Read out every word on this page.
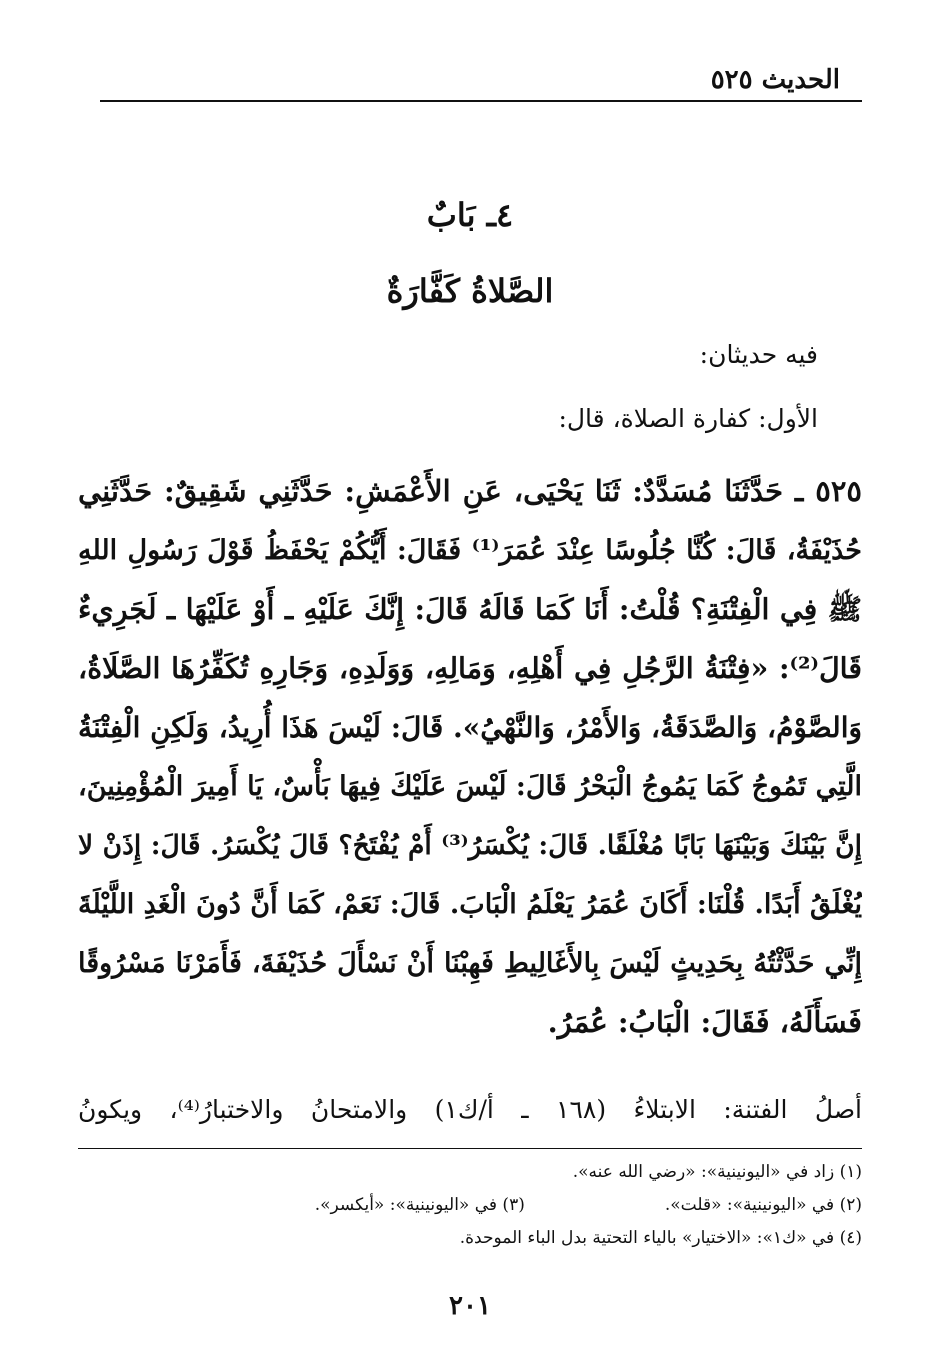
الحديث ٥٢٥
٤ـ بَابٌ
الصَّلاةُ كَفَّارَةٌ
فيه حديثان:
الأول: كفارة الصلاة، قال:
٥٢٥ ـ حَدَّثَنَا مُسَدَّدٌ: ثَنَا يَحْيَى، عَنِ الأَعْمَشِ: حَدَّثَنِي شَقِيقٌ: حَدَّثَنِي
حُذَيْفَةُ، قَالَ: كُنَّا جُلُوسًا عِنْدَ عُمَرَ⁽¹⁾ فَقَالَ: أَيُّكُمْ يَحْفَظُ قَوْلَ رَسُولِ اللهِ
ﷺ فِي الْفِتْنَةِ؟ قُلْتُ: أَنَا كَمَا قَالَهُ قَالَ: إِنَّكَ عَلَيْهِ ـ أَوْ عَلَيْهَا ـ لَجَرِيءٌ
قَالَ⁽²⁾: «فِتْنَةُ الرَّجُلِ فِي أَهْلِهِ، وَمَالِهِ، وَوَلَدِهِ، وَجَارِهِ تُكَفِّرُهَا الصَّلَاةُ،
وَالصَّوْمُ، وَالصَّدَقَةُ، وَالأَمْرُ، وَالنَّهْيُ». قَالَ: لَيْسَ هَذَا أُرِيدُ، وَلَكِنِ الْفِتْنَةُ
الَّتِي تَمُوجُ كَمَا يَمُوجُ الْبَحْرُ قَالَ: لَيْسَ عَلَيْكَ فِيهَا بَأْسٌ، يَا أَمِيرَ الْمُؤْمِنِينَ،
إِنَّ بَيْنَكَ وَبَيْنَهَا بَابًا مُغْلَقًا. قَالَ: يُكْسَرُ⁽³⁾ أَمْ يُفْتَحُ؟ قَالَ يُكْسَرُ. قَالَ: إِذَنْ لا
يُغْلَقُ أَبَدًا. قُلْنَا: أَكَانَ عُمَرُ يَعْلَمُ الْبَابَ. قَالَ: نَعَمْ، كَمَا أَنَّ دُونَ الْغَدِ اللَّيْلَةَ
إِنِّي حَدَّثْتُهُ بِحَدِيثٍ لَيْسَ بِالأَغَالِيطِ فَهِبْنَا أَنْ نَسْأَلَ حُذَيْفَةَ، فَأَمَرْنَا مَسْرُوقًا
فَسَأَلَهُ، فَقَالَ: الْبَابُ: عُمَرُ.
أصلُ الفتنة: الابتلاءُ (١٦٨ ـ أ/ك١) والامتحانُ والاختبارُ⁽⁴⁾، ويكونُ
(١) زاد في «اليونينية»: «رضي الله عنه».
(٢) في «اليونينية»: «قلت».
(٣) في «اليونينية»: «أيكسر».
(٤) في «ك١»: «الاختيار» بالياء التحتية بدل الباء الموحدة.
٢٠١
